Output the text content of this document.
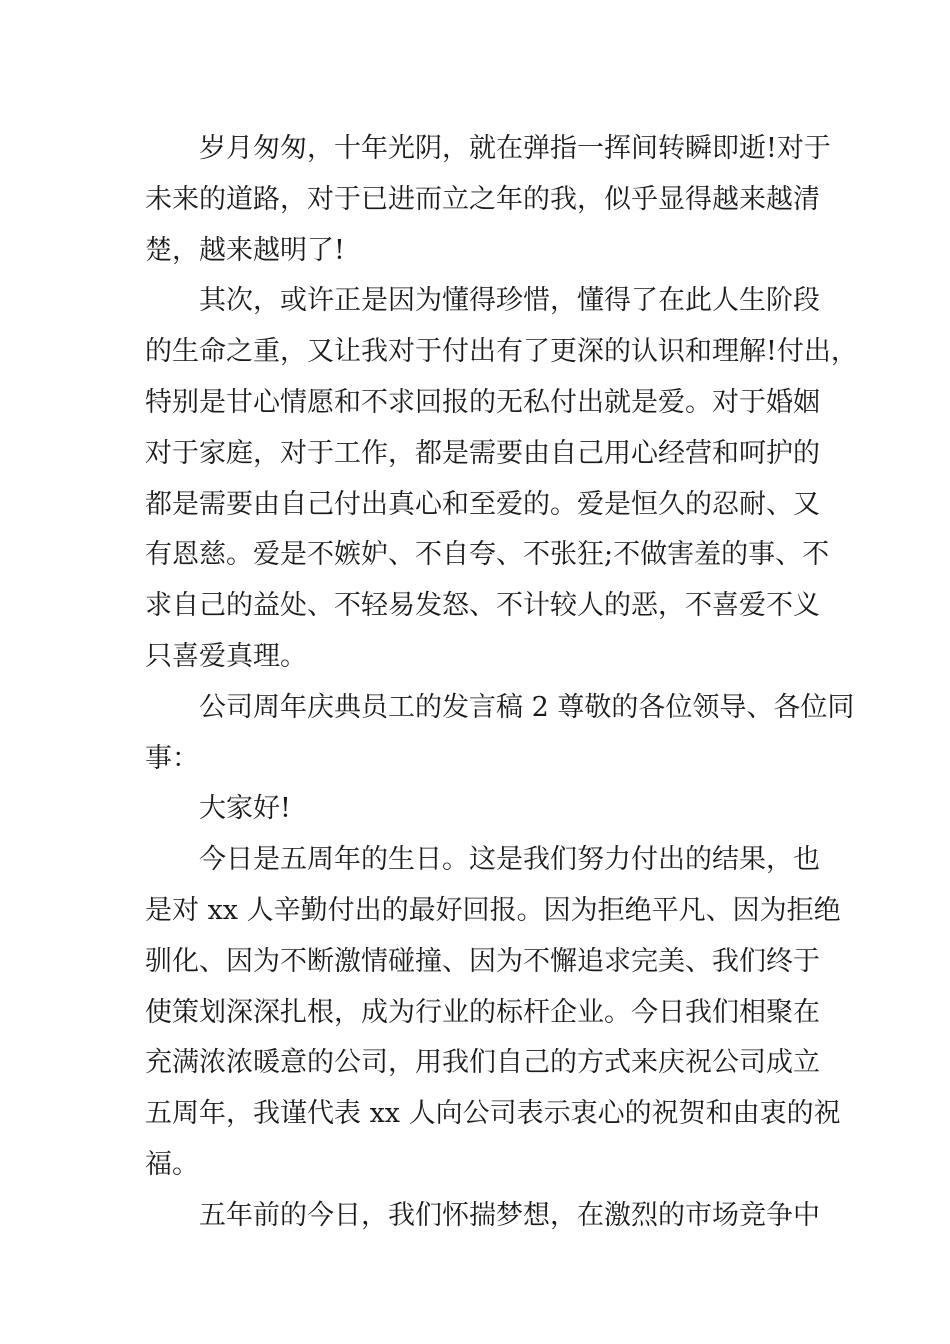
岁月匆匆，十年光阴，就在弹指一挥间转瞬即逝!对于
未来的道路，对于已进而立之年的我，似乎显得越来越清
楚，越来越明了!

其次，或许正是因为懂得珍惜，懂得了在此人生阶段
的生命之重，又让我对于付出有了更深的认识和理解!付出，
特别是甘心情愿和不求回报的无私付出就是爱。对于婚姻
对于家庭，对于工作，都是需要由自己用心经营和呵护的
都是需要由自己付出真心和至爱的。爱是恒久的忍耐、又
有恩慈。爱是不嫉妒、不自夸、不张狂;不做害羞的事、不
求自己的益处、不轻易发怒、不计较人的恶，不喜爱不义
只喜爱真理。

公司周年庆典员工的发言稿 2 尊敬的各位领导、各位同
事：

大家好!

今日是五周年的生日。这是我们努力付出的结果，也
是对 xx 人辛勤付出的最好回报。因为拒绝平凡、因为拒绝
驯化、因为不断激情碰撞、因为不懈追求完美、我们终于
使策划深深扎根，成为行业的标杆企业。今日我们相聚在
充满浓浓暖意的公司，用我们自己的方式来庆祝公司成立
五周年，我谨代表 xx 人向公司表示衷心的祝贺和由衷的祝
福。

五年前的今日，我们怀揣梦想，在激烈的市场竞争中
